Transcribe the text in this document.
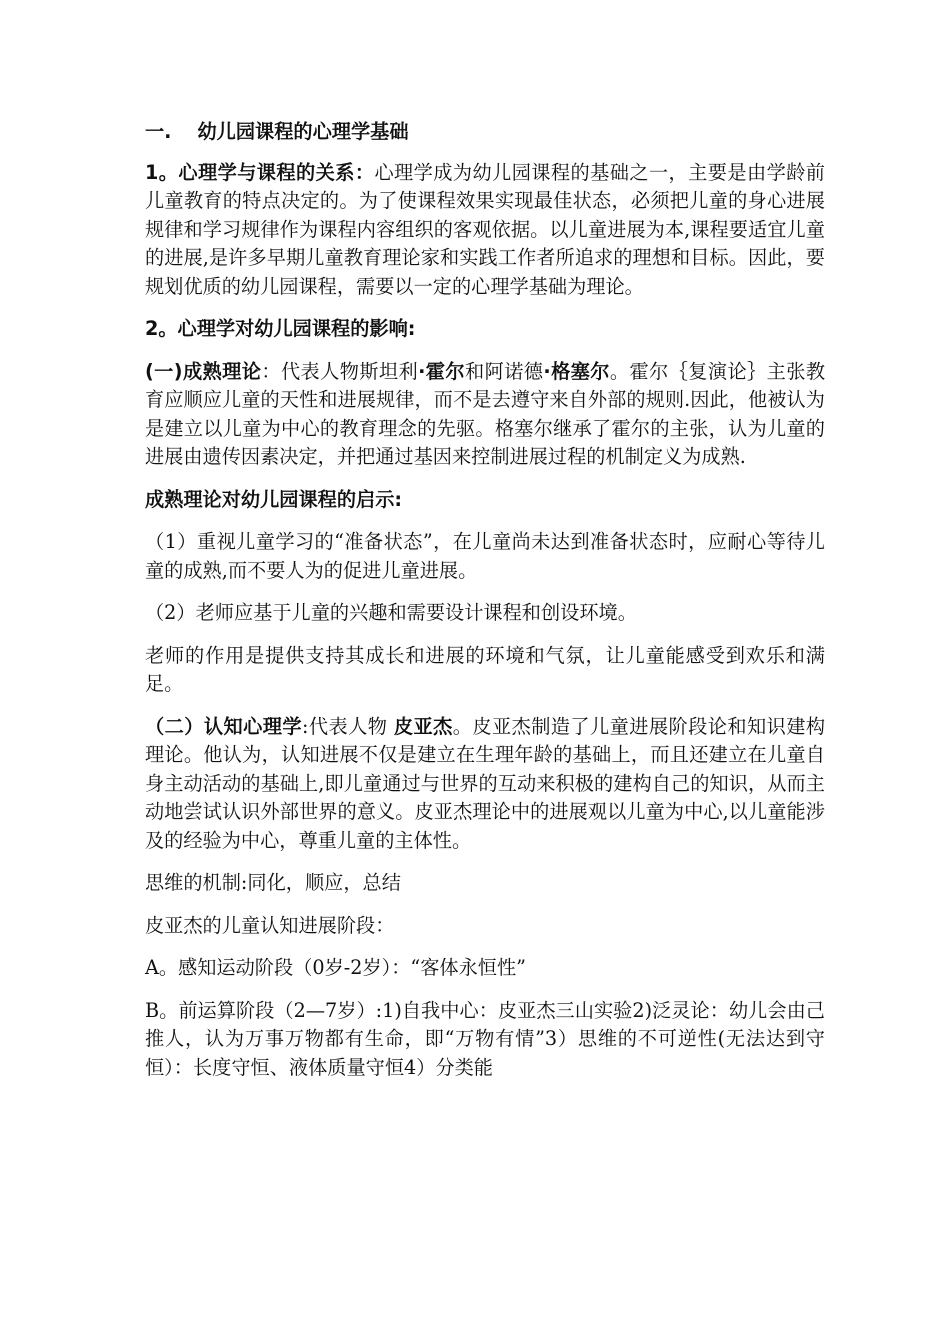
一. 幼儿园课程的心理学基础

1。心理学与课程的关系：心理学成为幼儿园课程的基础之一，主要是由学龄前儿童教育的特点决定的。为了使课程效果实现最佳状态，必须把儿童的身心进展规律和学习规律作为课程内容组织的客观依据。以儿童进展为本,课程要适宜儿童的进展,是许多早期儿童教育理论家和实践工作者所追求的理想和目标。因此，要规划优质的幼儿园课程，需要以一定的心理学基础为理论。

2。心理学对幼儿园课程的影响:

(一)成熟理论：代表人物斯坦利·霍尔和阿诺德·格塞尔。霍尔｛复演论｝主张教育应顺应儿童的天性和进展规律，而不是去遵守来自外部的规则.因此，他被认为是建立以儿童为中心的教育理念的先驱。格塞尔继承了霍尔的主张，认为儿童的进展由遗传因素决定，并把通过基因来控制进展过程的机制定义为成熟.

成熟理论对幼儿园课程的启示:

（1）重视儿童学习的“准备状态”，在儿童尚未达到准备状态时，应耐心等待儿童的成熟,而不要人为的促进儿童进展。

（2）老师应基于儿童的兴趣和需要设计课程和创设环境。

老师的作用是提供支持其成长和进展的环境和气氛，让儿童能感受到欢乐和满足。

（二）认知心理学:代表人物 皮亚杰。皮亚杰制造了儿童进展阶段论和知识建构理论。他认为，认知进展不仅是建立在生理年龄的基础上，而且还建立在儿童自身主动活动的基础上,即儿童通过与世界的互动来积极的建构自己的知识，从而主动地尝试认识外部世界的意义。皮亚杰理论中的进展观以儿童为中心,以儿童能涉及的经验为中心，尊重儿童的主体性。

思维的机制:同化，顺应，总结

皮亚杰的儿童认知进展阶段：

A。感知运动阶段（0岁-2岁）：“客体永恒性”

B。前运算阶段（2—7岁）:1)自我中心：皮亚杰三山实验2)泛灵论：幼儿会由己推人，认为万事万物都有生命，即“万物有情”3）思维的不可逆性(无法达到守恒）：长度守恒、液体质量守恒4）分类能
